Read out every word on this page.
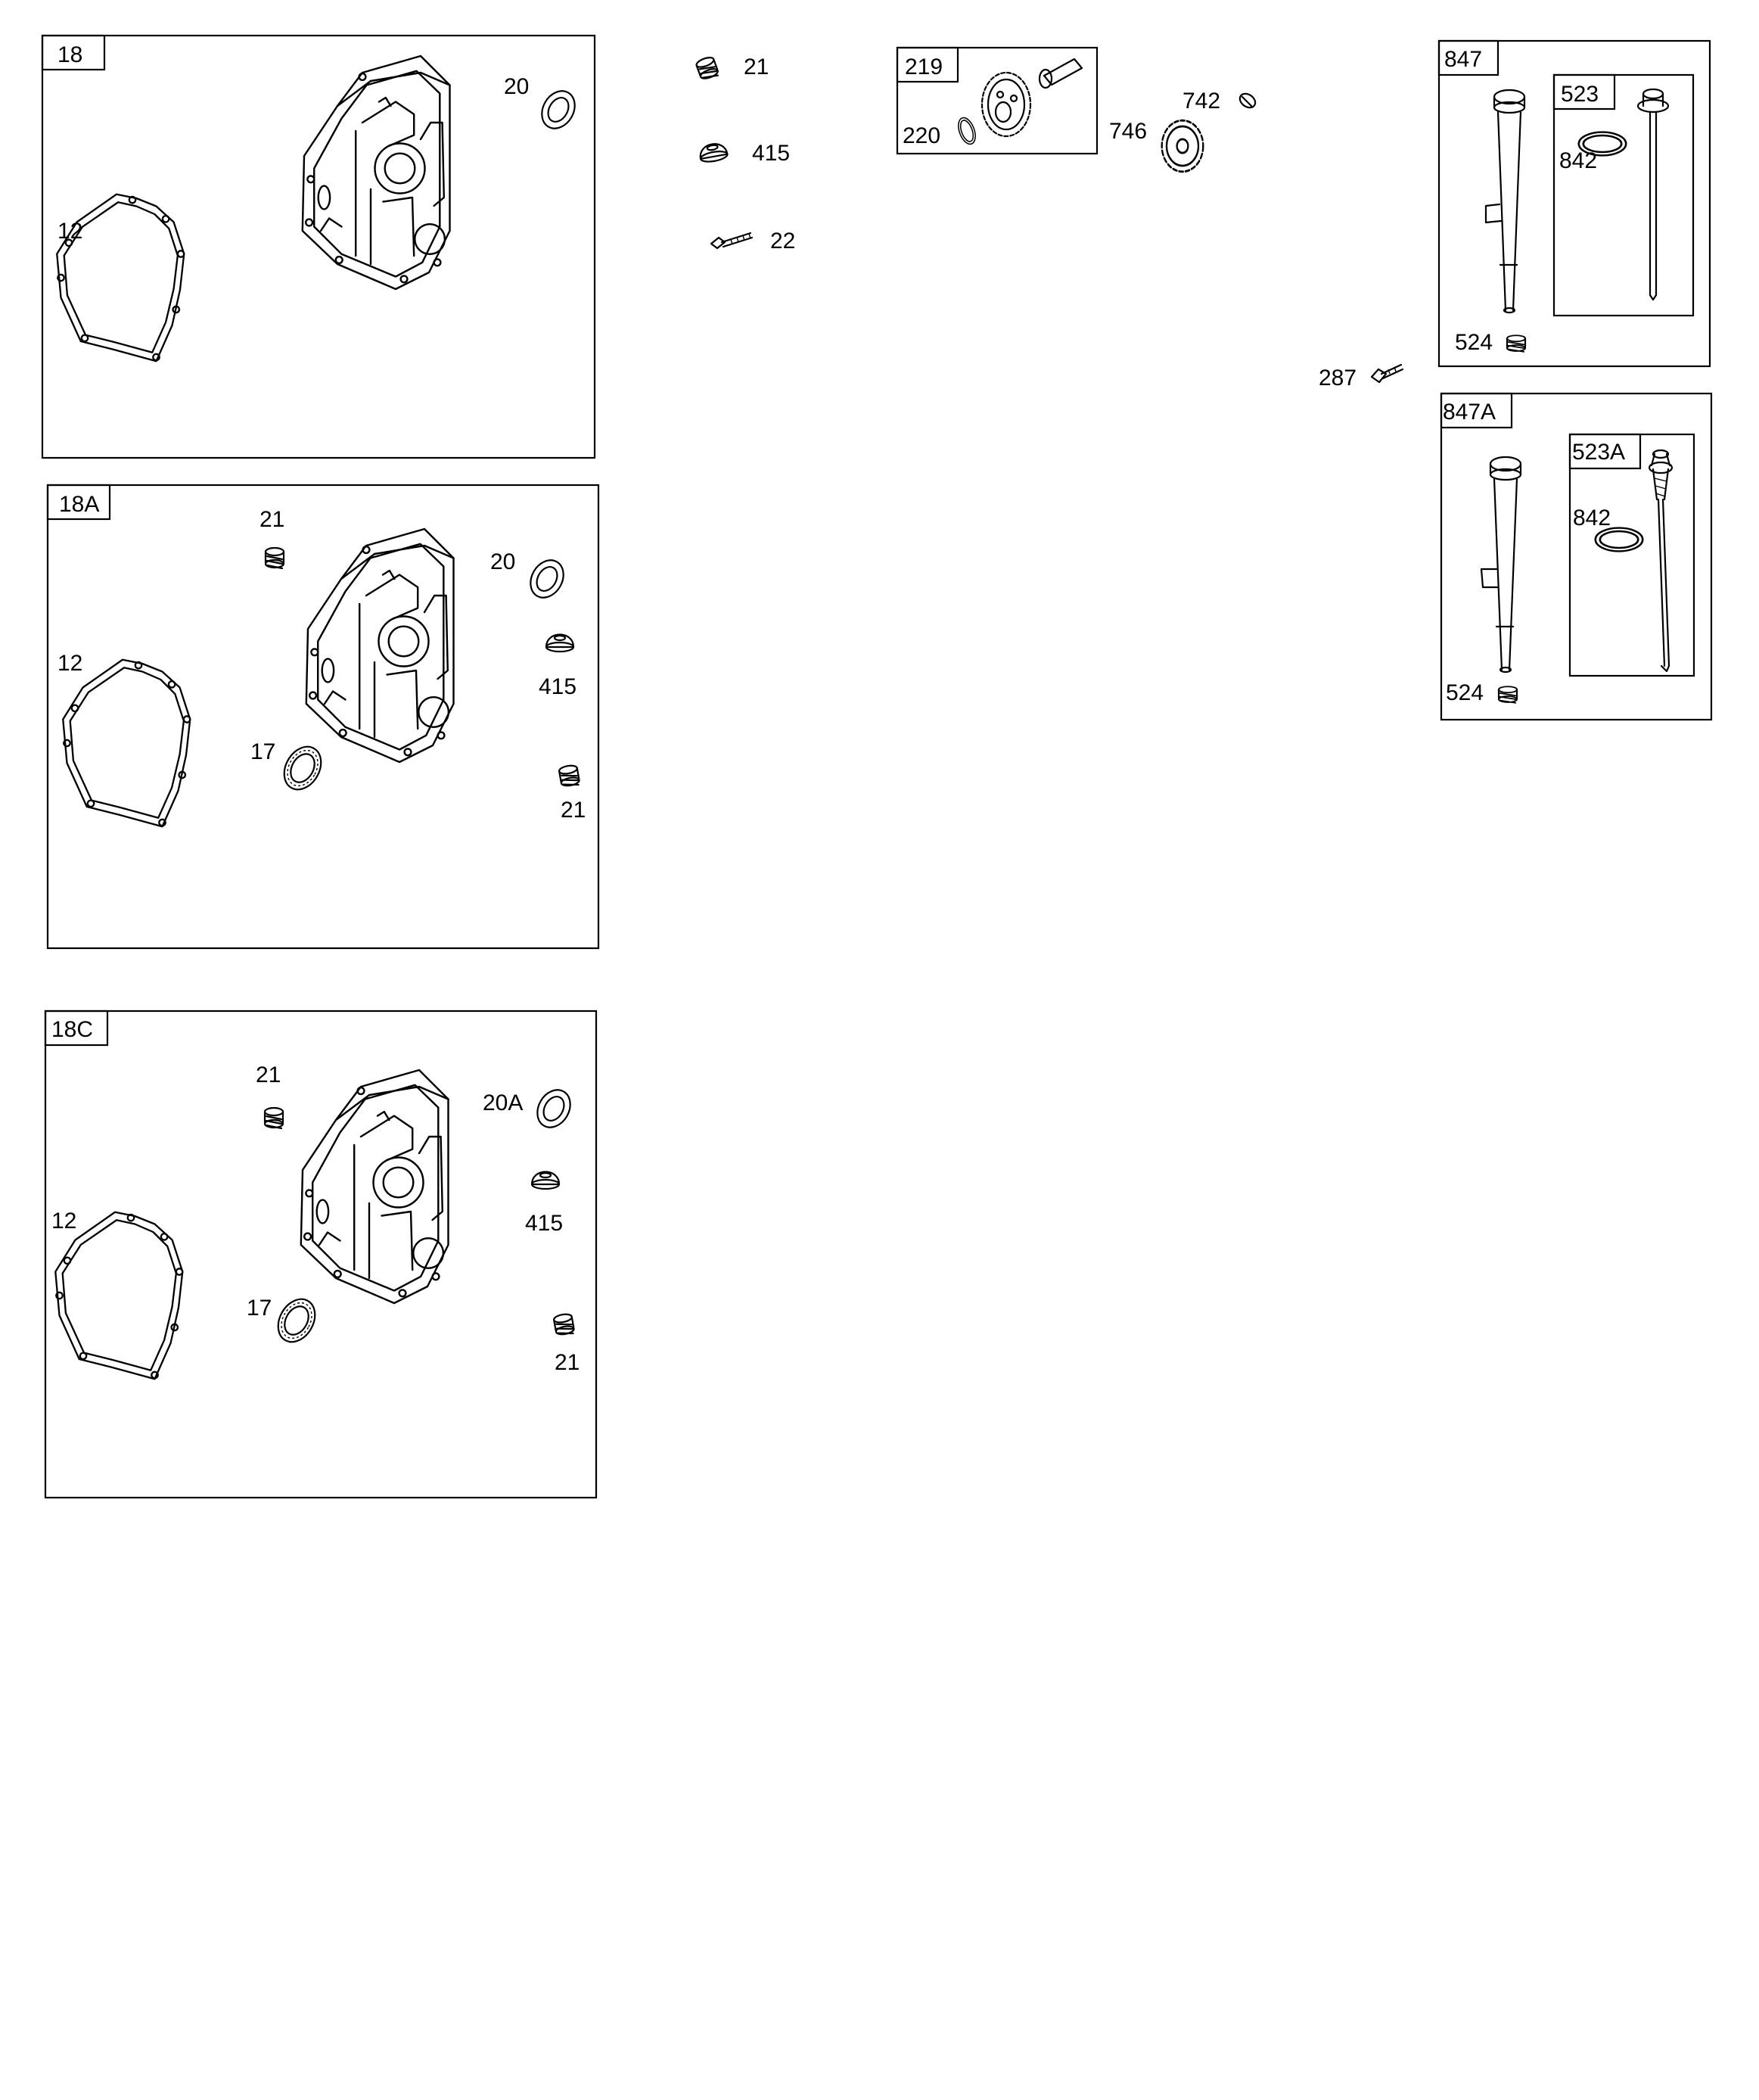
18
12
20
18A
21
20
415
12
17
21
18C
21
20A
415
12
17
21
21
415
22
219
220	746
742
287
847
524
523
842
847A
524
523A
842
